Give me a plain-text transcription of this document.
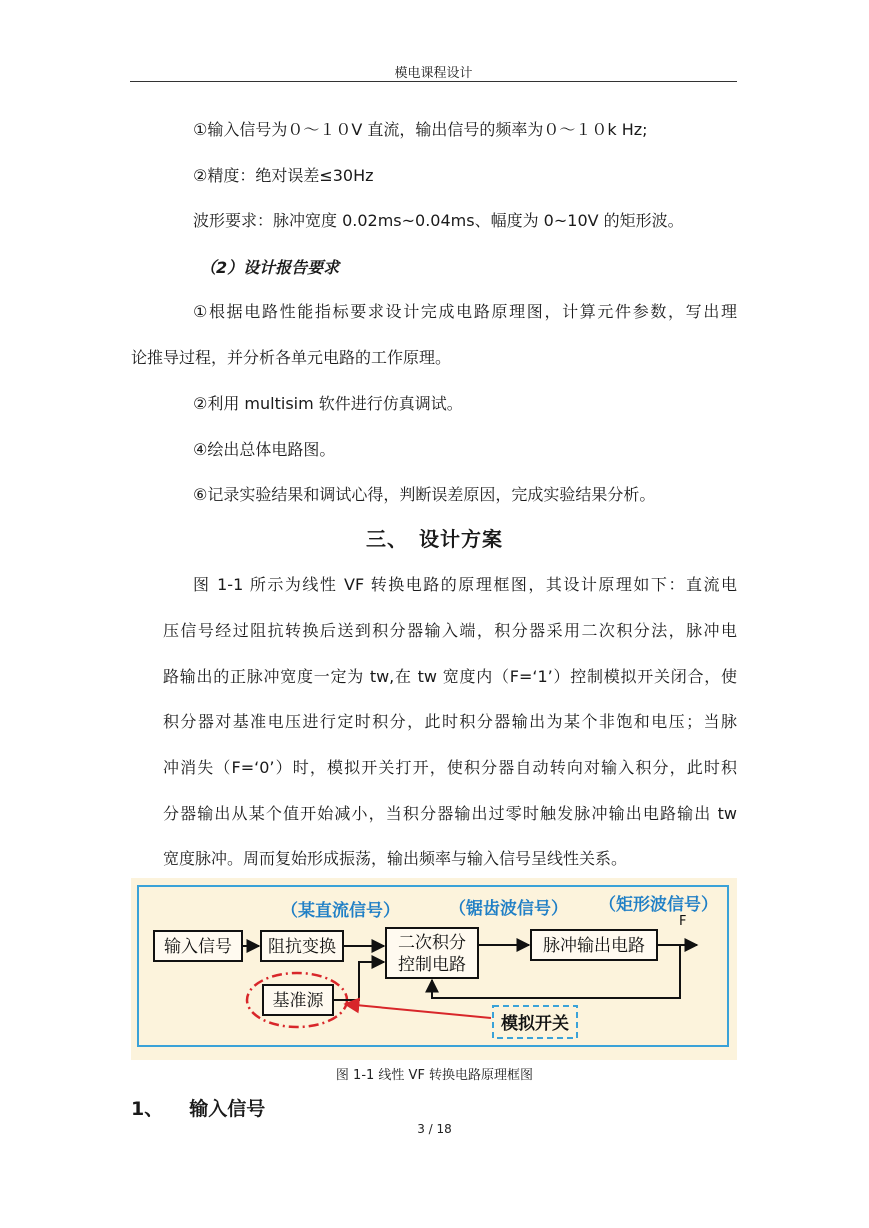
模电课程设计
①输入信号为０～１０V 直流，输出信号的频率为０～１０k Hz;
②精度：绝对误差≤30Hz
波形要求：脉冲宽度 0.02ms~0.04ms、幅度为 0~10V 的矩形波。
（2）设计报告要求
①根据电路性能指标要求设计完成电路原理图，计算元件参数，写出理
论推导过程，并分析各单元电路的工作原理。
②利用 multisim 软件进行仿真调试。
④绘出总体电路图。
⑥记录实验结果和调试心得，判断误差原因，完成实验结果分析。
三、　设计方案
图 1-1 所示为线性 VF 转换电路的原理框图，其设计原理如下：直流电
压信号经过阻抗转换后送到积分器输入端，积分器采用二次积分法，脉冲电
路输出的正脉冲宽度一定为 tw,在 tw 宽度内（F=‘1’）控制模拟开关闭合，使
积分器对基准电压进行定时积分，此时积分器输出为某个非饱和电压；当脉
冲消失（F=‘0’）时，模拟开关打开，使积分器自动转向对输入积分，此时积
分器输出从某个值开始减小，当积分器输出过零时触发脉冲输出电路输出 tw
宽度脉冲。周而复始形成振荡，输出频率与输入信号呈线性关系。
（某直流信号）	（锯齿波信号） （矩形波信号）
F
输入信号 阻抗变换	二次积分
控制电路
脉冲输出电路
基准源
模拟开关
图 1-1 线性 VF 转换电路原理框图
1、 输入信号
3 / 18
